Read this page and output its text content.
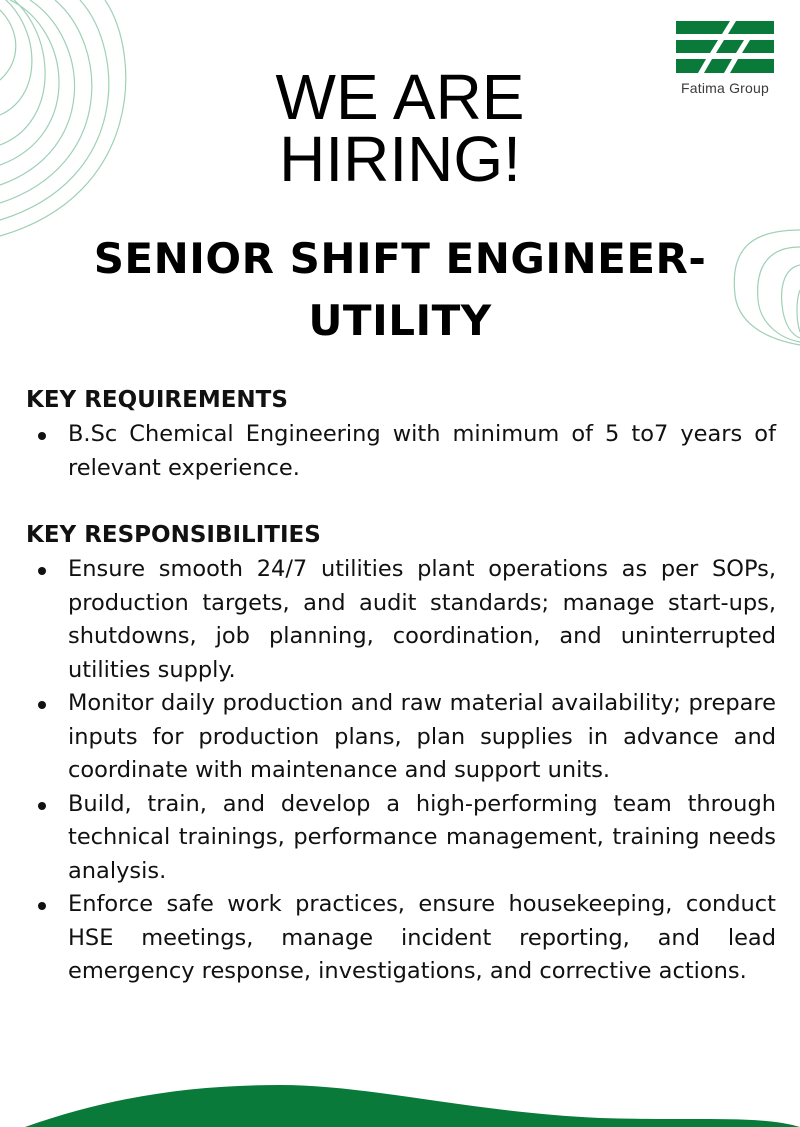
Fatima Group
WE ARE
HIRING!
SENIOR SHIFT ENGINEER-
UTILITY
KEY REQUIREMENTS
B.Sc Chemical Engineering with minimum of 5 to7 years of relevant experience.
KEY RESPONSIBILITIES
Ensure smooth 24/7 utilities plant operations as per SOPs, production targets, and audit standards; manage start-ups, shutdowns, job planning, coordination, and uninterrupted utilities supply.
Monitor daily production and raw material availability; prepare inputs for production plans, plan supplies in advance and coordinate with maintenance and support units.
Build, train, and develop a high-performing team through technical trainings, performance management, training needs analysis.
Enforce safe work practices, ensure housekeeping, conduct HSE meetings, manage incident reporting, and lead emergency response, investigations, and corrective actions.
